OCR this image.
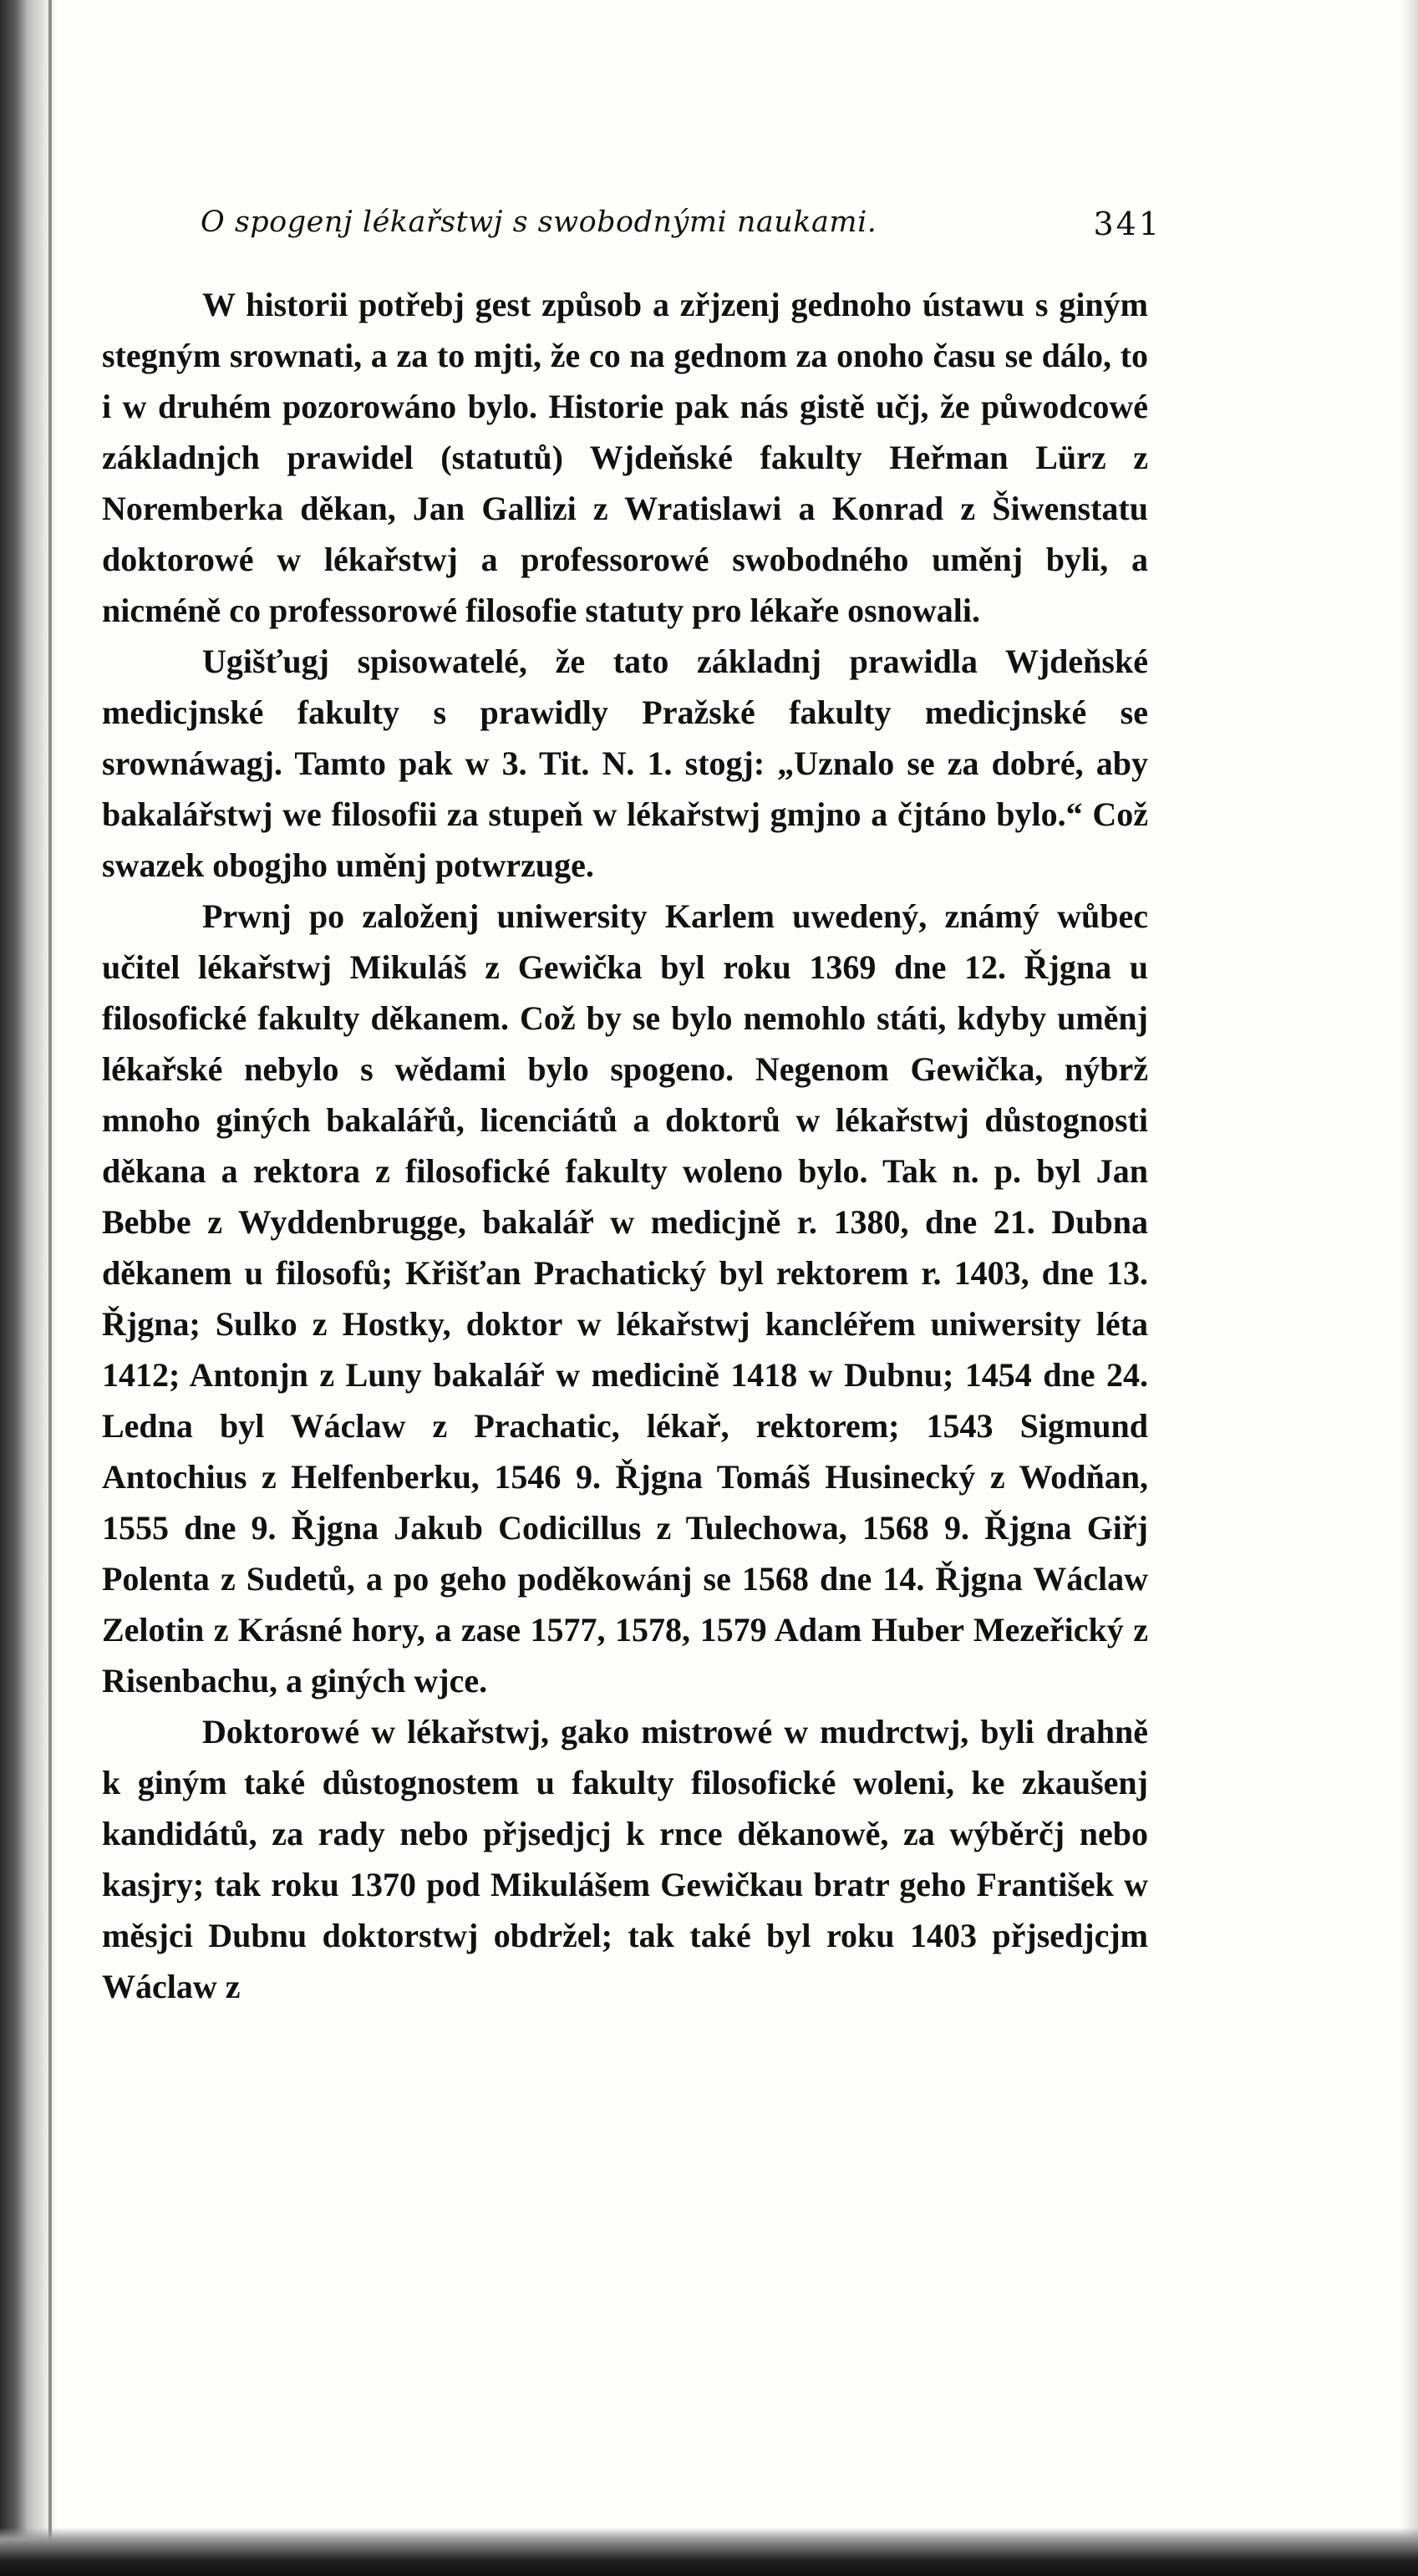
O spogenj lékařstwj s swobodnými naukami.	341

W historii potřebj gest způsob a zřjzenj gednoho ústawu s giným stegným srownati, a za to mjti, že co na gednom za onoho času se dálo, to i w druhém pozorowáno bylo. Historie pak nás gistě učj, že půwodcowé základnjch prawidel (statutů) Wjdeňské fakulty Heřman Lürz z Noremberka děkan, Jan Gallizi z Wratislawi a Konrad z Šiwenstatu doktorowé w lékařstwj a professorowé swobodného uměnj byli, a nicméně co professorowé filosofie statuty pro lékaře osnowali.

Ugišťugj spisowatelé, že tato základnj prawidla Wjdeňské medicjnské fakulty s prawidly Pražské fakulty medicjnské se srownáwagj. Tamto pak w 3. Tit. N. 1. stogj: „Uznalo se za dobré, aby bakalářstwj we filosofii za stupeň w lékařstwj gmjno a čjtáno bylo.“ Což swazek obogjho uměnj potwrzuge.

Prwnj po založenj uniwersity Karlem uwedený, známý wůbec učitel lékařstwj Mikuláš z Gewička byl roku 1369 dne 12. Řjgna u filosofické fakulty děkanem. Což by se bylo nemohlo státi, kdyby uměnj lékařské nebylo s wědami bylo spogeno. Negenom Gewička, nýbrž mnoho giných bakalářů, licenciátů a doktorů w lékařstwj důstognosti děkana a rektora z filosofické fakulty woleno bylo. Tak n. p. byl Jan Bebbe z Wyddenbrugge, bakalář w medicjně r. 1380, dne 21. Dubna děkanem u filosofů; Křišťan Prachatický byl rektorem r. 1403, dne 13. Řjgna; Sulko z Hostky, doktor w lékařstwj kancléřem uniwersity léta 1412; Antonjn z Luny bakalář w medicině 1418 w Dubnu; 1454 dne 24. Ledna byl Wáclaw z Prachatic, lékař, rektorem; 1543 Sigmund Antochius z Helfenberku, 1546 9. Řjgna Tomáš Husinecký z Wodňan, 1555 dne 9. Řjgna Jakub Codicillus z Tulechowa, 1568 9. Řjgna Giřj Polenta z Sudetů, a po geho poděkowánj se 1568 dne 14. Řjgna Wáclaw Zelotin z Krásné hory, a zase 1577, 1578, 1579 Adam Huber Mezeřický z Risenbachu, a giných wjce.

Doktorowé w lékařstwj, gako mistrowé w mudrctwj, byli drahně k giným také důstognostem u fakulty filosofické woleni, ke zkaušenj kandidátů, za rady nebo přjsedjcj k rnce děkanowě, za wýběrčj nebo kasjry; tak roku 1370 pod Mikulášem Gewičkau bratr geho František w měsjci Dubnu doktorstwj obdržel; tak také byl roku 1403 přjsedjcjm Wáclaw z
